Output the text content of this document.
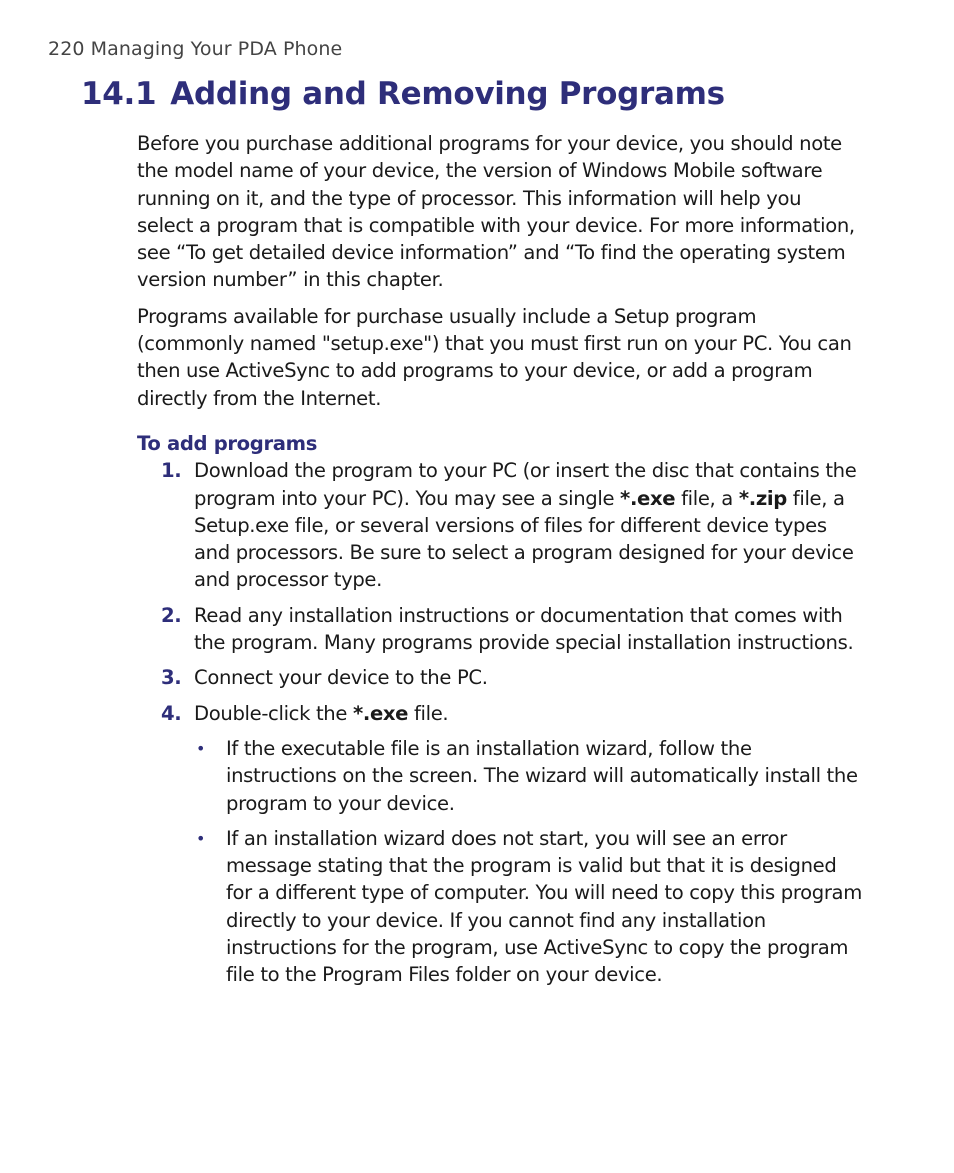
220 Managing Your PDA Phone
14.1 Adding and Removing Programs

Before you purchase additional programs for your device, you should note the model name of your device, the version of Windows Mobile software running on it, and the type of processor. This information will help you select a program that is compatible with your device. For more information, see “To get detailed device information” and “To find the operating system version number” in this chapter.

Programs available for purchase usually include a Setup program (commonly named "setup.exe") that you must first run on your PC. You can then use ActiveSync to add programs to your device, or add a program directly from the Internet.

To add programs

1. Download the program to your PC (or insert the disc that contains the program into your PC). You may see a single *.exe file, a *.zip file, a Setup.exe file, or several versions of files for different device types and processors. Be sure to select a program designed for your device and processor type.
2. Read any installation instructions or documentation that comes with the program. Many programs provide special installation instructions.
3. Connect your device to the PC.
4. Double-click the *.exe file.
• If the executable file is an installation wizard, follow the instructions on the screen. The wizard will automatically install the program to your device.
• If an installation wizard does not start, you will see an error message stating that the program is valid but that it is designed for a different type of computer. You will need to copy this program directly to your device. If you cannot find any installation instructions for the program, use ActiveSync to copy the program file to the Program Files folder on your device.
